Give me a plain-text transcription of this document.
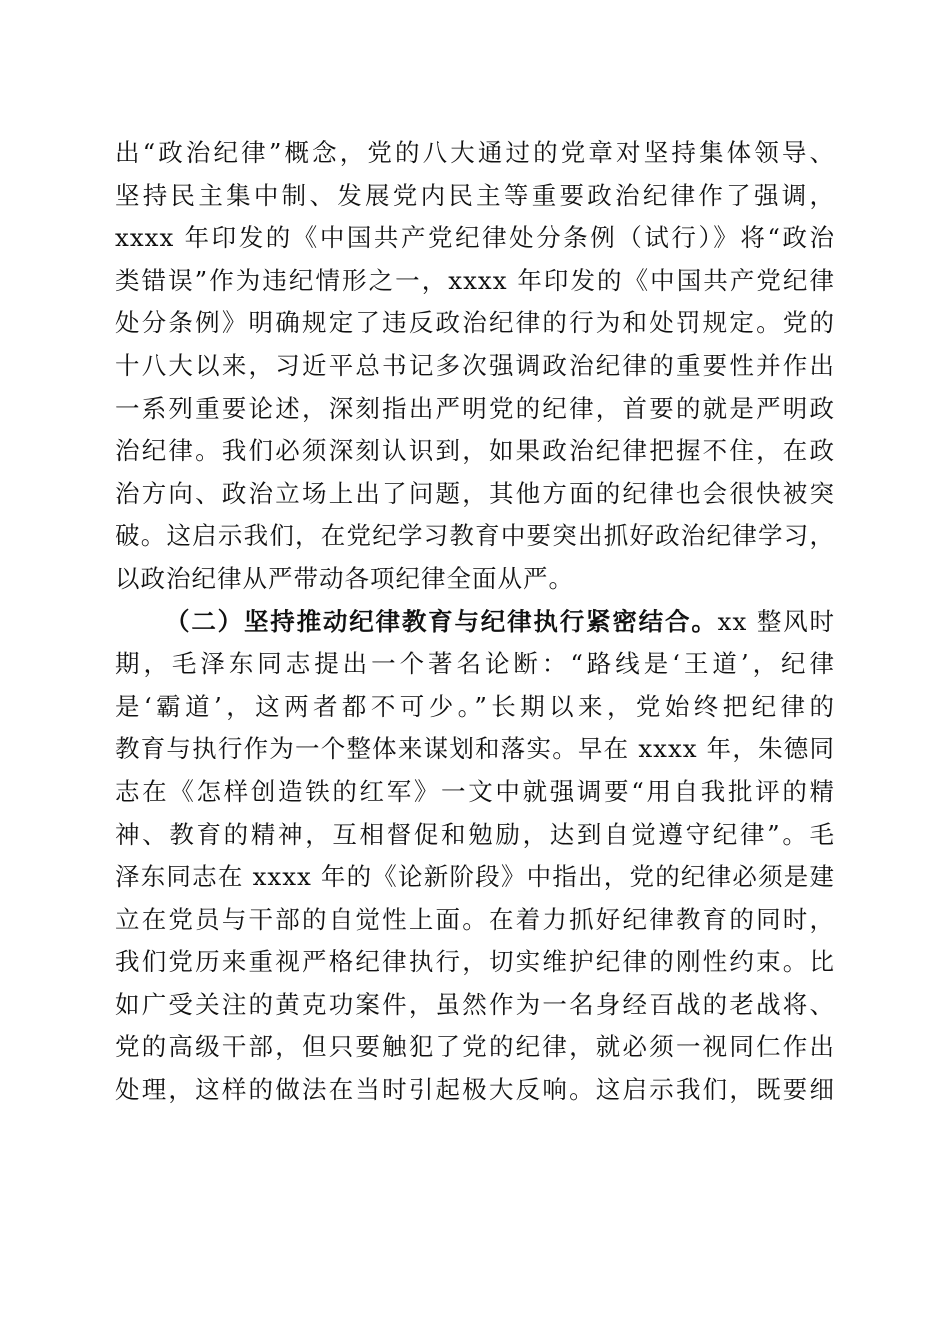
出“政治纪律”概念，党的八大通过的党章对坚持集体领导、
坚持民主集中制、发展党内民主等重要政治纪律作了强调，
xxxx 年印发的《中国共产党纪律处分条例（试行）》将“政治
类错误”作为违纪情形之一，xxxx 年印发的《中国共产党纪律
处分条例》明确规定了违反政治纪律的行为和处罚规定。党的
十八大以来，习近平总书记多次强调政治纪律的重要性并作出
一系列重要论述，深刻指出严明党的纪律，首要的就是严明政
治纪律。我们必须深刻认识到，如果政治纪律把握不住，在政
治方向、政治立场上出了问题，其他方面的纪律也会很快被突
破。这启示我们，在党纪学习教育中要突出抓好政治纪律学习，
以政治纪律从严带动各项纪律全面从严。
（二）坚持推动纪律教育与纪律执行紧密结合。xx 整风时
期，毛泽东同志提出一个著名论断：“路线是‘王道’，纪律
是‘霸道’，这两者都不可少。”长期以来，党始终把纪律的
教育与执行作为一个整体来谋划和落实。早在 xxxx 年，朱德同
志在《怎样创造铁的红军》一文中就强调要“用自我批评的精
神、教育的精神，互相督促和勉励，达到自觉遵守纪律”。毛
泽东同志在 xxxx 年的《论新阶段》中指出，党的纪律必须是建
立在党员与干部的自觉性上面。在着力抓好纪律教育的同时，
我们党历来重视严格纪律执行，切实维护纪律的刚性约束。比
如广受关注的黄克功案件，虽然作为一名身经百战的老战将、
党的高级干部，但只要触犯了党的纪律，就必须一视同仁作出
处理，这样的做法在当时引起极大反响。这启示我们，既要细
